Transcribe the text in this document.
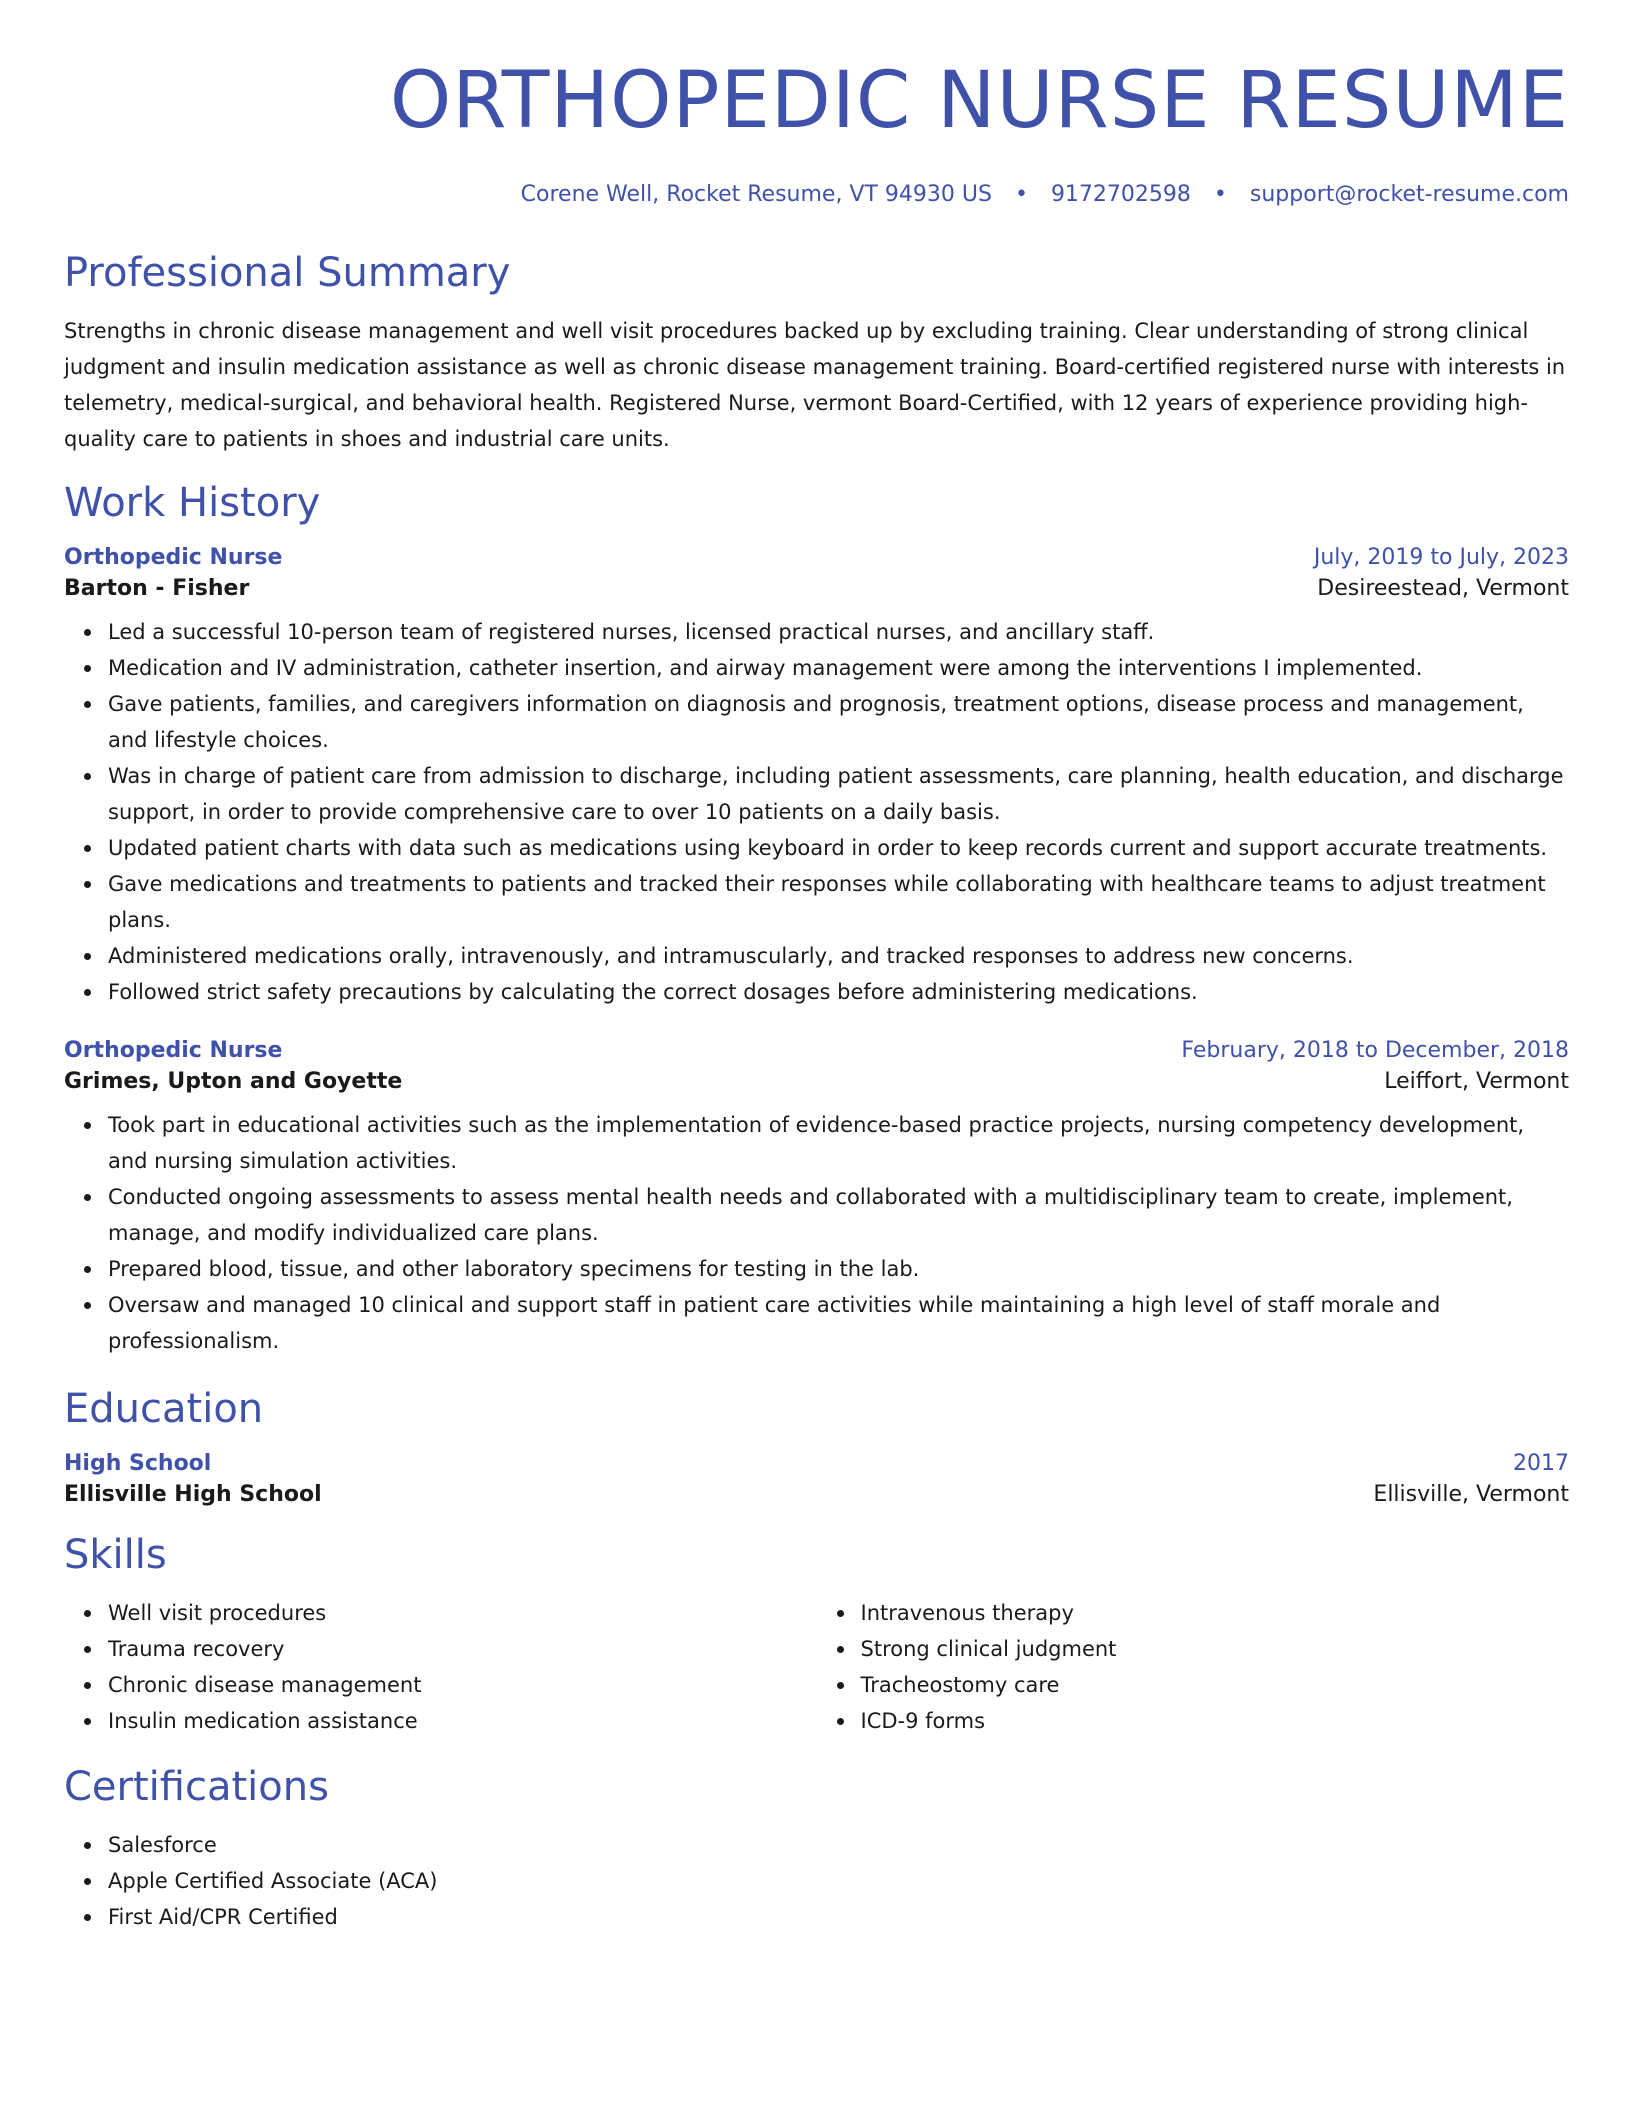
ORTHOPEDIC NURSE RESUME
Corene Well, Rocket Resume, VT 94930 US • 9172702598 • support@rocket-resume.com
Professional Summary

Strengths in chronic disease management and well visit procedures backed up by excluding training. Clear understanding of strong clinical judgment and insulin medication assistance as well as chronic disease management training. Board-certified registered nurse with interests in telemetry, medical-surgical, and behavioral health. Registered Nurse, vermont Board-Certified, with 12 years of experience providing high-quality care to patients in shoes and industrial care units.

Work History
Orthopedic Nurse	July, 2019 to July, 2023
Barton - Fisher	Desireestead, Vermont
Led a successful 10-person team of registered nurses, licensed practical nurses, and ancillary staff.
Medication and IV administration, catheter insertion, and airway management were among the interventions I implemented.
Gave patients, families, and caregivers information on diagnosis and prognosis, treatment options, disease process and management, and lifestyle choices.
Was in charge of patient care from admission to discharge, including patient assessments, care planning, health education, and discharge support, in order to provide comprehensive care to over 10 patients on a daily basis.
Updated patient charts with data such as medications using keyboard in order to keep records current and support accurate treatments.
Gave medications and treatments to patients and tracked their responses while collaborating with healthcare teams to adjust treatment plans.
Administered medications orally, intravenously, and intramuscularly, and tracked responses to address new concerns.
Followed strict safety precautions by calculating the correct dosages before administering medications.
Orthopedic Nurse	February, 2018 to December, 2018
Grimes, Upton and Goyette	Leiffort, Vermont
Took part in educational activities such as the implementation of evidence-based practice projects, nursing competency development, and nursing simulation activities.
Conducted ongoing assessments to assess mental health needs and collaborated with a multidisciplinary team to create, implement, manage, and modify individualized care plans.
Prepared blood, tissue, and other laboratory specimens for testing in the lab.
Oversaw and managed 10 clinical and support staff in patient care activities while maintaining a high level of staff morale and professionalism.
Education
High School	2017
Ellisville High School	Ellisville, Vermont
Skills
Well visit procedures
Trauma recovery
Chronic disease management
Insulin medication assistance
Intravenous therapy
Strong clinical judgment
Tracheostomy care
ICD-9 forms
Certifications
Salesforce
Apple Certified Associate (ACA)
First Aid/CPR Certified
